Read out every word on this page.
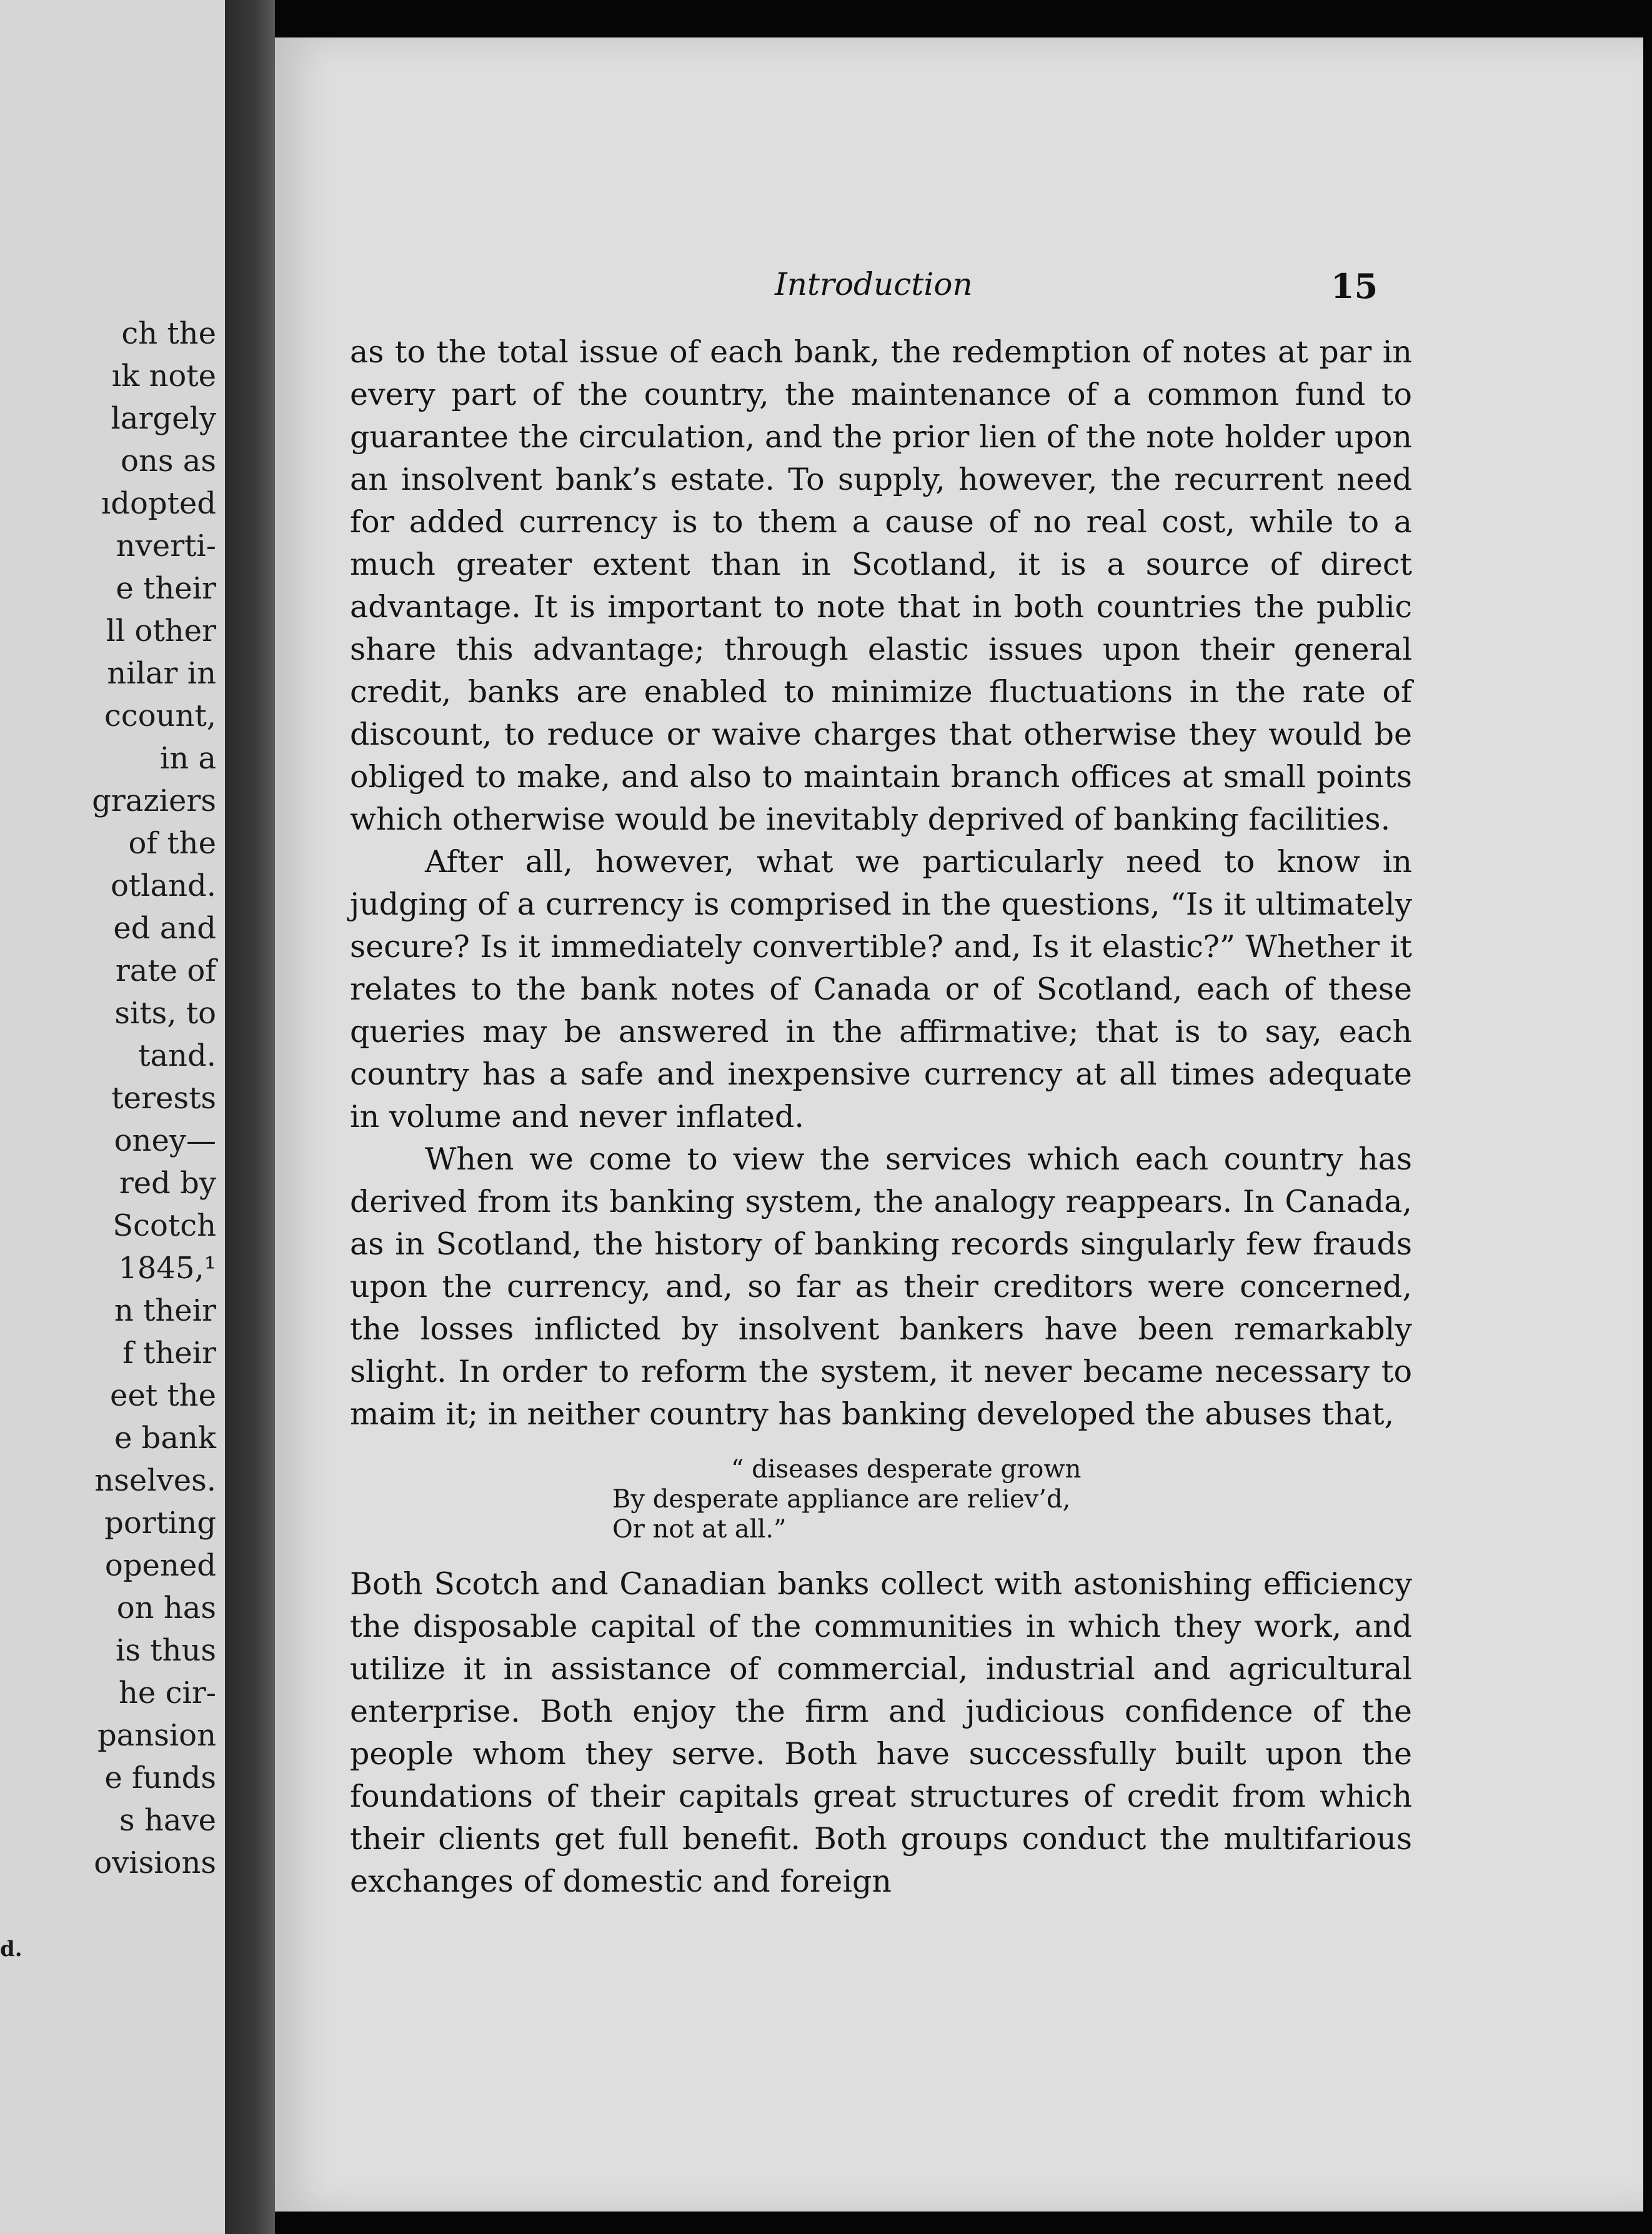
ch the
ık note
largely
ons as
ıdopted
nverti-
e their
ll other
nilar in
ccount,
in a
graziers
of the
otland.
ed and
rate of
sits, to
tand.
terests
oney—
red by
Scotch
1845,¹
n their
f their
eet the
e bank
nselves.
porting
opened
on has
is thus
he cir-
pansion
e funds
s have
ovisions
d.
Introduction	15

as to the total issue of each bank, the redemption of notes at par in every part of the country, the maintenance of a common fund to guarantee the circulation, and the prior lien of the note holder upon an insolvent bank’s estate. To supply, however, the recurrent need for added currency is to them a cause of no real cost, while to a much greater extent than in Scotland, it is a source of direct advantage. It is important to note that in both countries the public share this advantage; through elastic issues upon their general credit, banks are enabled to minimize fluctuations in the rate of discount, to reduce or waive charges that otherwise they would be obliged to make, and also to maintain branch offices at small points which otherwise would be inevitably deprived of banking facilities.

After all, however, what we particularly need to know in judging of a currency is comprised in the questions, “Is it ultimately secure? Is it immediately convertible? and, Is it elastic?” Whether it relates to the bank notes of Canada or of Scotland, each of these queries may be answered in the affirmative; that is to say, each country has a safe and inexpensive currency at all times adequate in volume and never inflated.

When we come to view the services which each country has derived from its banking system, the analogy reappears. In Canada, as in Scotland, the history of banking records singularly few frauds upon the currency, and, so far as their creditors were concerned, the losses inflicted by insolvent bankers have been remarkably slight. In order to reform the system, it never became necessary to maim it; in neither country has banking developed the abuses that,

“ diseases desperate grown
By desperate appliance are reliev’d,
Or not at all.”

Both Scotch and Canadian banks collect with astonishing efficiency the disposable capital of the communities in which they work, and utilize it in assistance of commercial, industrial and agricultural enterprise. Both enjoy the firm and judicious confidence of the people whom they serve. Both have successfully built upon the foundations of their capitals great structures of credit from which their clients get full benefit. Both groups conduct the multifarious exchanges of domestic and foreign
